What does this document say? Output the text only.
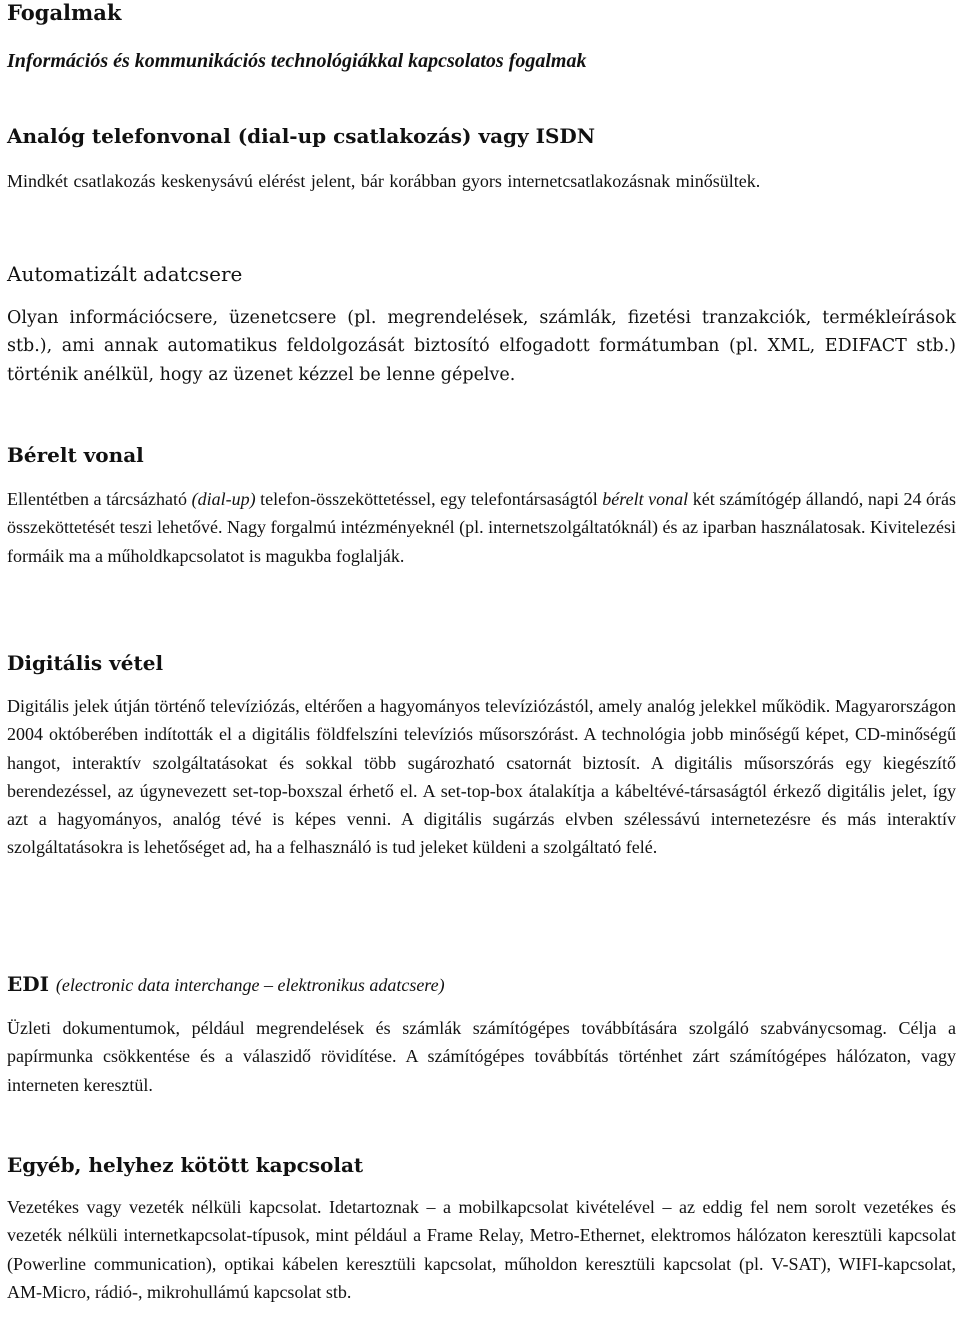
Fogalmak
Információs és kommunikációs technológiákkal kapcsolatos fogalmak
Analóg telefonvonal (dial-up csatlakozás) vagy ISDN

Mindkét csatlakozás keskenysávú elérést jelent, bár korábban gyors internetcsatlakozásnak minősültek.

Automatizált adatcsere

Olyan információcsere, üzenetcsere (pl. megrendelések, számlák, fizetési tranzakciók, termékleírások stb.), ami annak automatikus feldolgozását biztosító elfogadott formátumban (pl. XML, EDIFACT stb.) történik anélkül, hogy az üzenet kézzel be lenne gépelve.

Bérelt vonal

Ellentétben a tárcsázható (dial-up) telefon-összeköttetéssel, egy telefontársaságtól bérelt vonal két számítógép állandó, napi 24 órás összeköttetését teszi lehetővé. Nagy forgalmú intézményeknél (pl. internetszolgáltatóknál) és az iparban használatosak. Kivitelezési formáik ma a műholdkapcsolatot is magukba foglalják.

Digitális vétel

Digitális jelek útján történő televíziózás, eltérően a hagyományos televíziózástól, amely analóg jelekkel működik. Magyarországon 2004 októberében indították el a digitális földfelszíni televíziós műsorszórást. A technológia jobb minőségű képet, CD-minőségű hangot, interaktív szolgáltatásokat és sokkal több sugározható csatornát biztosít. A digitális műsorszórás egy kiegészítő berendezéssel, az úgynevezett set-top-boxszal érhető el. A set-top-box átalakítja a kábeltévé-társaságtól érkező digitális jelet, így azt a hagyományos, analóg tévé is képes venni. A digitális sugárzás elvben szélessávú internetezésre és más interaktív szolgáltatásokra is lehetőséget ad, ha a felhasználó is tud jeleket küldeni a szolgáltató felé.

EDI (electronic data interchange – elektronikus adatcsere)

Üzleti dokumentumok, például megrendelések és számlák számítógépes továbbítására szolgáló szabványcsomag. Célja a papírmunka csökkentése és a válaszidő rövidítése. A számítógépes továbbítás történhet zárt számítógépes hálózaton, vagy interneten keresztül.

Egyéb, helyhez kötött kapcsolat

Vezetékes vagy vezeték nélküli kapcsolat. Idetartoznak – a mobilkapcsolat kivételével – az eddig fel nem sorolt vezetékes és vezeték nélküli internetkapcsolat-típusok, mint például a Frame Relay, Metro-Ethernet, elektromos hálózaton keresztüli kapcsolat (Powerline communication), optikai kábelen keresztüli kapcsolat, műholdon keresztüli kapcsolat (pl. V-SAT), WIFI-kapcsolat, AM-Micro, rádió-, mikrohullámú kapcsolat stb.
